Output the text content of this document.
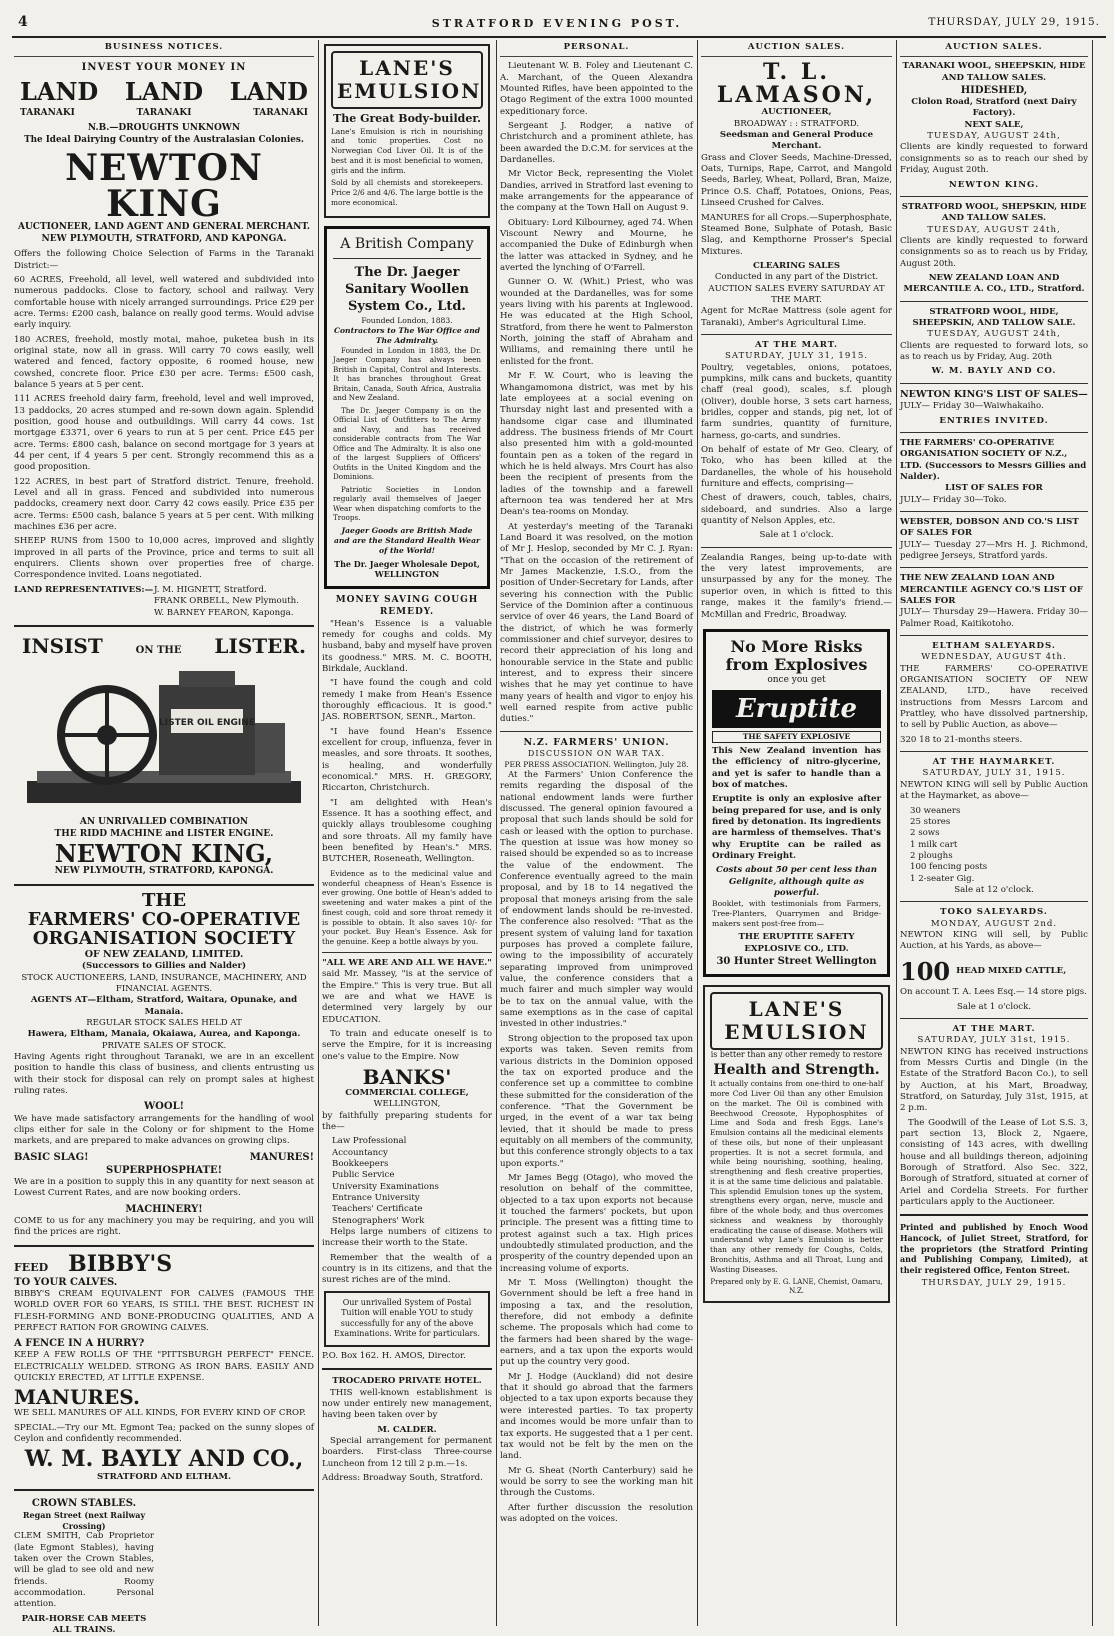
4	STRATFORD EVENING POST.	THURSDAY, JULY 29, 1915.
BUSINESS NOTICES.
INVEST YOUR MONEY IN
LAND LAND LAND
TARANAKI	TARANAKI	TARANAKI
N.B.—DROUGHTS UNKNOWN
The Ideal Dairying Country of the Australasian Colonies.
NEWTON KING
AUCTIONEER, LAND AGENT AND GENERAL MERCHANT.
NEW PLYMOUTH, STRATFORD, AND KAPONGA.
Offers the following Choice Selection of Farms in the Taranaki District:—
60 ACRES, Freehold, all level, well watered and subdivided into numerous paddocks. Close to factory, school and railway. Very comfortable house with nicely arranged surroundings. Price £29 per acre. Terms: £200 cash, balance on really good terms. Would advise early inquiry.
180 ACRES, freehold, mostly motai, mahoe, puketea bush in its original state, now all in grass. Will carry 70 cows easily, well watered and fenced, factory opposite, 6 roomed house, new cowshed, concrete floor. Price £30 per acre. Terms: £500 cash, balance 5 years at 5 per cent.
111 ACRES freehold dairy farm, freehold, level and well improved, 13 paddocks, 20 acres stumped and re-sown down again. Splendid position, good house and outbuildings. Will carry 44 cows. 1st mortgage £3371, over 6 years to run at 5 per cent. Price £45 per acre. Terms: £800 cash, balance on second mortgage for 3 years at 44 per cent, if 4 years 5 per cent. Strongly recommend this as a good proposition.
122 ACRES, in best part of Stratford district. Tenure, freehold. Level and all in grass. Fenced and subdivided into numerous paddocks, creamery next door. Carry 42 cows easily. Price £35 per acre. Terms: £500 cash, balance 5 years at 5 per cent. With milking machines £36 per acre.
SHEEP RUNS from 1500 to 10,000 acres, improved and slightly improved in all parts of the Province, price and terms to suit all enquirers. Clients shown over properties free of charge. Correspondence invited. Loans negotiated.
LAND REPRESENTATIVES:— J. M. HIGNETT, Stratford.
FRANK ORBELL, New Plymouth.
W. BARNEY FEARON, Kaponga.
INSIST	ON THE LISTER.
LISTER OIL ENGINE
AN UNRIVALLED COMBINATION
THE RIDD MACHINE and LISTER ENGINE.
NEWTON KING,
NEW PLYMOUTH, STRATFORD, KAPONGA.
THE
FARMERS' CO-OPERATIVE ORGANISATION SOCIETY
OF NEW ZEALAND, LIMITED.
(Successors to Gillies and Nalder)
STOCK AUCTIONEERS, LAND, INSURANCE, MACHINERY, AND FINANCIAL AGENTS.
AGENTS AT—Eltham, Stratford, Waitara, Opunake, and Manaia.
REGULAR STOCK SALES HELD AT
Hawera, Eltham, Manaia, Okaiawa, Aurea, and Kaponga.
PRIVATE SALES OF STOCK.
Having Agents right throughout Taranaki, we are in an excellent position to handle this class of business, and clients entrusting us with their stock for disposal can rely on prompt sales at highest ruling rates.
WOOL!
We have made satisfactory arrangements for the handling of wool clips either for sale in the Colony or for shipment to the Home markets, and are prepared to make advances on growing clips.
BASIC SLAG!	MANURES!
SUPERPHOSPHATE!
We are in a position to supply this in any quantity for next season at Lowest Current Rates, and are now booking orders.
MACHINERY!
COME to us for any machinery you may be requiring, and you will find the prices are right.
FEED BIBBY'S
TO YOUR CALVES.
BIBBY'S CREAM EQUIVALENT FOR CALVES (FAMOUS THE WORLD OVER FOR 60 YEARS, IS STILL THE BEST. RICHEST IN FLESH-FORMING AND BONE-PRODUCING QUALITIES, AND A PERFECT RATION FOR GROWING CALVES.
A FENCE IN A HURRY?
KEEP A FEW ROLLS OF THE "PITTSBURGH PERFECT" FENCE. ELECTRICALLY WELDED. STRONG AS IRON BARS. EASILY AND QUICKLY ERECTED, AT LITTLE EXPENSE.
MANURES.
WE SELL MANURES OF ALL KINDS, FOR EVERY KIND OF CROP.
SPECIAL.—Try our Mt. Egmont Tea; packed on the sunny slopes of Ceylon and confidently recommended.
W. M. BAYLY AND CO.,
STRATFORD AND ELTHAM.
CROWN STABLES.
Regan Street (next Railway Crossing)
CLEM SMITH, Cab Proprietor (late Egmont Stables), having taken over the Crown Stables, will be glad to see old and new friends. Roomy accommodation. Personal attention.
PAIR-HORSE CAB MEETS ALL TRAINS.
LANE'S EMULSION
The Great Body-builder.
Lane's Emulsion is rich in nourishing and tonic properties. Cost no Norwegian Cod Liver Oil. It is of the best and it is most beneficial to women, girls and the infirm.
Sold by all chemists and storekeepers. Price 2/6 and 4/6. The large bottle is the more economical.
A British Company
The Dr. Jaeger Sanitary Woollen System Co., Ltd.
Founded London, 1883.
Contractors to The War Office and The Admiralty.
Founded in London in 1883, the Dr. Jaeger Company has always been British in Capital, Control and Interests. It has branches throughout Great Britain, Canada, South Africa, Australia and New Zealand.
The Dr. Jaeger Company is on the Official List of Outfitters to The Army and Navy, and has received considerable contracts from The War Office and The Admiralty. It is also one of the largest Suppliers of Officers' Outfits in the United Kingdom and the Dominions.
Patriotic Societies in London regularly avail themselves of Jaeger Wear when dispatching comforts to the Troops.
Jaeger Goods are British Made and are the Standard Health Wear of the World!
The Dr. Jaeger Wholesale Depot, WELLINGTON
MONEY SAVING COUGH REMEDY.
"Hean's Essence is a valuable remedy for coughs and colds. My husband, baby and myself have proven its goodness." MRS. M. C. BOOTH, Birkdale, Auckland.
"I have found the cough and cold remedy I make from Hean's Essence thoroughly efficacious. It is good." JAS. ROBERTSON, SENR., Marton.
"I have found Hean's Essence excellent for croup, influenza, fever in measles, and sore throats. It soothes, is healing, and wonderfully economical." MRS. H. GREGORY, Riccarton, Christchurch.
"I am delighted with Hean's Essence. It has a soothing effect, and quickly allays troublesome coughing and sore throats. All my family have been benefited by Hean's." MRS. BUTCHER, Roseneath, Wellington.
Evidence as to the medicinal value and wonderful cheapness of Hean's Essence is ever growing. One bottle of Hean's added to sweetening and water makes a pint of the finest cough, cold and sore throat remedy it is possible to obtain. It also saves 10/- for your pocket. Buy Hean's Essence. Ask for the genuine. Keep a bottle always by you.
"ALL WE ARE AND ALL WE HAVE."
said Mr. Massey, "is at the service of the Empire." This is very true. But all we are and what we HAVE is determined very largely by our EDUCATION.
To train and educate oneself is to serve the Empire, for it is increasing one's value to the Empire. Now
BANKS'
COMMERCIAL COLLEGE,
WELLINGTON,
by faithfully preparing students for the—
Law Professional
Accountancy
Bookkeepers
Public Service
University Examinations
Entrance University
Teachers' Certificate
Stenographers' Work
Helps large numbers of citizens to increase their worth to the State.
Remember that the wealth of a country is in its citizens, and that the surest riches are of the mind.
Our unrivalled System of Postal Tuition will enable YOU to study successfully for any of the above Examinations. Write for particulars.
P.O. Box 162. H. AMOS, Director.
TROCADERO PRIVATE HOTEL.
THIS well-known establishment is now under entirely new management, having been taken over by
M. CALDER.
Special arrangement for permanent boarders. First-class Three-course Luncheon from 12 till 2 p.m.—1s.
Address: Broadway South, Stratford.
PERSONAL.
Lieutenant W. B. Foley and Lieutenant C. A. Marchant, of the Queen Alexandra Mounted Rifles, have been appointed to the Otago Regiment of the extra 1000 mounted expeditionary force.
Sergeant J. Rodger, a native of Christchurch and a prominent athlete, has been awarded the D.C.M. for services at the Dardanelles.
Mr Victor Beck, representing the Violet Dandies, arrived in Stratford last evening to make arrangements for the appearance of the company at the Town Hall on August 9.
Obituary: Lord Kilbourney, aged 74. When Viscount Newry and Mourne, he accompanied the Duke of Edinburgh when the latter was attacked in Sydney, and he averted the lynching of O'Farrell.
Gunner O. W. (Whit.) Priest, who was wounded at the Dardanelles, was for some years living with his parents at Inglewood. He was educated at the High School, Stratford, from there he went to Palmerston North, joining the staff of Abraham and Williams, and remaining there until he enlisted for the front.
Mr F. W. Court, who is leaving the Whangamomona district, was met by his late employees at a social evening on Thursday night last and presented with a handsome cigar case and illuminated address. The business friends of Mr Court also presented him with a gold-mounted fountain pen as a token of the regard in which he is held always. Mrs Court has also been the recipient of presents from the ladies of the township and a farewell afternoon tea was tendered her at Mrs Dean's tea-rooms on Monday.
At yesterday's meeting of the Taranaki Land Board it was resolved, on the motion of Mr J. Heslop, seconded by Mr C. J. Ryan: "That on the occasion of the retirement of Mr James Mackenzie, I.S.O., from the position of Under-Secretary for Lands, after severing his connection with the Public Service of the Dominion after a continuous service of over 46 years, the Land Board of the district, of which he was formerly commissioner and chief surveyor, desires to record their appreciation of his long and honourable service in the State and public interest, and to express their sincere wishes that he may yet continue to have many years of health and vigor to enjoy his well earned respite from active public duties."
N.Z. FARMERS' UNION.
DISCUSSION ON WAR TAX.
PER PRESS ASSOCIATION. Wellington, July 28.
At the Farmers' Union Conference the remits regarding the disposal of the national endowment lands were further discussed. The general opinion favoured a proposal that such lands should be sold for cash or leased with the option to purchase. The question at issue was how money so raised should be expended so as to increase the value of the endowment. The Conference eventually agreed to the main proposal, and by 18 to 14 negatived the proposal that moneys arising from the sale of endowment lands should be re-invested. The conference also resolved: "That as the present system of valuing land for taxation purposes has proved a complete failure, owing to the impossibility of accurately separating improved from unimproved value, the conference considers that a much fairer and much simpler way would be to tax on the annual value, with the same exemptions as in the case of capital invested in other industries."
Strong objection to the proposed tax upon exports was taken. Seven remits from various districts in the Dominion opposed the tax on exported produce and the conference set up a committee to combine these submitted for the consideration of the conference. "That the Government be urged, in the event of a war tax being levied, that it should be made to press equitably on all members of the community, but this conference strongly objects to a tax upon exports."
Mr James Begg (Otago), who moved the resolution on behalf of the committee, objected to a tax upon exports not because it touched the farmers' pockets, but upon principle. The present was a fitting time to protest against such a tax. High prices undoubtedly stimulated production, and the prosperity of the country depended upon an increasing volume of exports.
Mr T. Moss (Wellington) thought the Government should be left a free hand in imposing a tax, and the resolution, therefore, did not embody a definite scheme. The proposals which had come to the farmers had been shared by the wage-earners, and a tax upon the exports would put up the country very good.
Mr J. Hodge (Auckland) did not desire that it should go abroad that the farmers objected to a tax upon exports because they were interested parties. To tax property and incomes would be more unfair than to tax exports. He suggested that a 1 per cent. tax would not be felt by the men on the land.
Mr G. Sheat (North Canterbury) said he would be sorry to see the working man hit through the Customs.
After further discussion the resolution was adopted on the voices.
AUCTION SALES.
T. L. LAMASON,
AUCTIONEER,
BROADWAY : : STRATFORD.
Seedsman and General Produce Merchant.
Grass and Clover Seeds, Machine-Dressed, Oats, Turnips, Rape, Carrot, and Mangold Seeds, Barley, Wheat, Pollard, Bran, Maize, Prince O.S. Chaff, Potatoes, Onions, Peas, Linseed Crushed for Calves.
MANURES for all Crops.—Superphosphate, Steamed Bone, Sulphate of Potash, Basic Slag, and Kempthorne Prosser's Special Mixtures.
CLEARING SALES
Conducted in any part of the District. AUCTION SALES EVERY SATURDAY AT THE MART.
Agent for McRae Mattress (sole agent for Taranaki), Amber's Agricultural Lime.
AT THE MART.
SATURDAY, JULY 31, 1915.
Poultry, vegetables, onions, potatoes, pumpkins, milk cans and buckets, quantity chaff (real good), scales, s.f. plough (Oliver), double horse, 3 sets cart harness, bridles, copper and stands, pig net, lot of farm sundries, quantity of furniture, harness, go-carts, and sundries.
On behalf of estate of Mr Geo. Cleary, of Toko, who has been killed at the Dardanelles, the whole of his household furniture and effects, comprising—
Chest of drawers, couch, tables, chairs, sideboard, and sundries. Also a large quantity of Nelson Apples, etc.
Sale at 1 o'clock.
Zealandia Ranges, being up-to-date with the very latest improvements, are unsurpassed by any for the money. The superior oven, in which is fitted to this range, makes it the family's friend.—McMillan and Fredric, Broadway.
No More Risks from Explosives
once you get
Eruptite
THE SAFETY EXPLOSIVE
This New Zealand invention has the efficiency of nitro-glycerine, and yet is safer to handle than a box of matches.
Eruptite is only an explosive after being prepared for use, and is only fired by detonation. Its ingredients are harmless of themselves. That's why Eruptite can be railed as Ordinary Freight.
Costs about 50 per cent less than Gelignite, although quite as powerful.
Booklet, with testimonials from Farmers, Tree-Planters, Quarrymen and Bridge-makers sent post-free from—
THE ERUPTITE SAFETY EXPLOSIVE CO., LTD.
30 Hunter Street Wellington
LANE'S EMULSION
is better than any other remedy to restore
Health and Strength.
It actually contains from one-third to one-half more Cod Liver Oil than any other Emulsion on the market. The Oil is combined with Beechwood Creosote, Hypophosphites of Lime and Soda and fresh Eggs. Lane's Emulsion contains all the medicinal elements of these oils, but none of their unpleasant properties. It is not a secret formula, and while being nourishing, soothing, healing, strengthening and flesh creative properties, it is at the same time delicious and palatable. This splendid Emulsion tones up the system, strengthens every organ, nerve, muscle and fibre of the whole body, and thus overcomes sickness and weakness by thoroughly eradicating the cause of disease. Mothers will understand why Lane's Emulsion is better than any other remedy for Coughs, Colds, Bronchitis, Asthma and all Throat, Lung and Wasting Diseases.
Prepared only by E. G. LANE, Chemist, Oamaru, N.Z.
AUCTION SALES.
TARANAKI WOOL, SHEEPSKIN, HIDE AND TALLOW SALES.
HIDESHED,
Clolon Road, Stratford (next Dairy Factory).
NEXT SALE,
TUESDAY, AUGUST 24th,
Clients are kindly requested to forward consignments so as to reach our shed by Friday, August 20th.
NEWTON KING.
STRATFORD WOOL, SHEPSKIN, HIDE AND TALLOW SALES.
TUESDAY, AUGUST 24th,
Clients are kindly requested to forward consignments so as to reach us by Friday, August 20th.
NEW ZEALAND LOAN AND MERCANTILE A. CO., LTD., Stratford.
STRATFORD WOOL, HIDE, SHEEPSKIN, AND TALLOW SALE.
TUESDAY, AUGUST 24th,
Clients are requested to forward lots, so as to reach us by Friday, Aug. 20th
W. M. BAYLY AND CO.
NEWTON KING'S LIST OF SALES—
JULY— Friday 30—Waiwhakaiho.
ENTRIES INVITED.
THE FARMERS' CO-OPERATIVE ORGANISATION SOCIETY OF N.Z., LTD. (Successors to Messrs Gillies and Nalder).
LIST OF SALES FOR
JULY— Friday 30—Toko.
WEBSTER, DOBSON AND CO.'S LIST OF SALES FOR
JULY— Tuesday 27—Mrs H. J. Richmond, pedigree Jerseys, Stratford yards.
THE NEW ZEALAND LOAN AND MERCANTILE AGENCY CO.'S LIST OF SALES FOR
JULY— Thursday 29—Hawera. Friday 30—Palmer Road, Kaitikotoho.
ELTHAM SALEYARDS.
WEDNESDAY, AUGUST 4th.
THE FARMERS' CO-OPERATIVE ORGANISATION SOCIETY OF NEW ZEALAND, LTD., have received instructions from Messrs Larcom and Prattley, who have dissolved partnership, to sell by Public Auction, as above—
320 18 to 21-months steers.
AT THE HAYMARKET.
SATURDAY, JULY 31, 1915.
NEWTON KING will sell by Public Auction at the Haymarket, as above—
30 weaners
25 stores
2 sows
1 milk cart
2 ploughs
100 fencing posts
1 2-seater Gig.
Sale at 12 o'clock.
TOKO SALEYARDS.
MONDAY, AUGUST 2nd.
NEWTON KING will sell, by Public Auction, at his Yards, as above—
100 HEAD MIXED CATTLE,
On account T. A. Lees Esq.— 14 store pigs.
Sale at 1 o'clock.
AT THE MART.
SATURDAY, JULY 31st, 1915.
NEWTON KING has received instructions from Messrs Curtis and Dingle (in the Estate of the Stratford Bacon Co.), to sell by Auction, at his Mart, Broadway, Stratford, on Saturday, July 31st, 1915, at 2 p.m.
The Goodwill of the Lease of Lot S.S. 3, part section 13, Block 2, Ngaere, consisting of 143 acres, with dwelling house and all buildings thereon, adjoining Borough of Stratford. Also Sec. 322, Borough of Stratford, situated at corner of Ariel and Cordelia Streets. For further particulars apply to the Auctioneer.
Printed and published by Enoch Wood Hancock, of Juliet Street, Stratford, for the proprietors (the Stratford Printing and Publishing Company, Limited), at their registered Office, Fenton Street.
THURSDAY, JULY 29, 1915.
